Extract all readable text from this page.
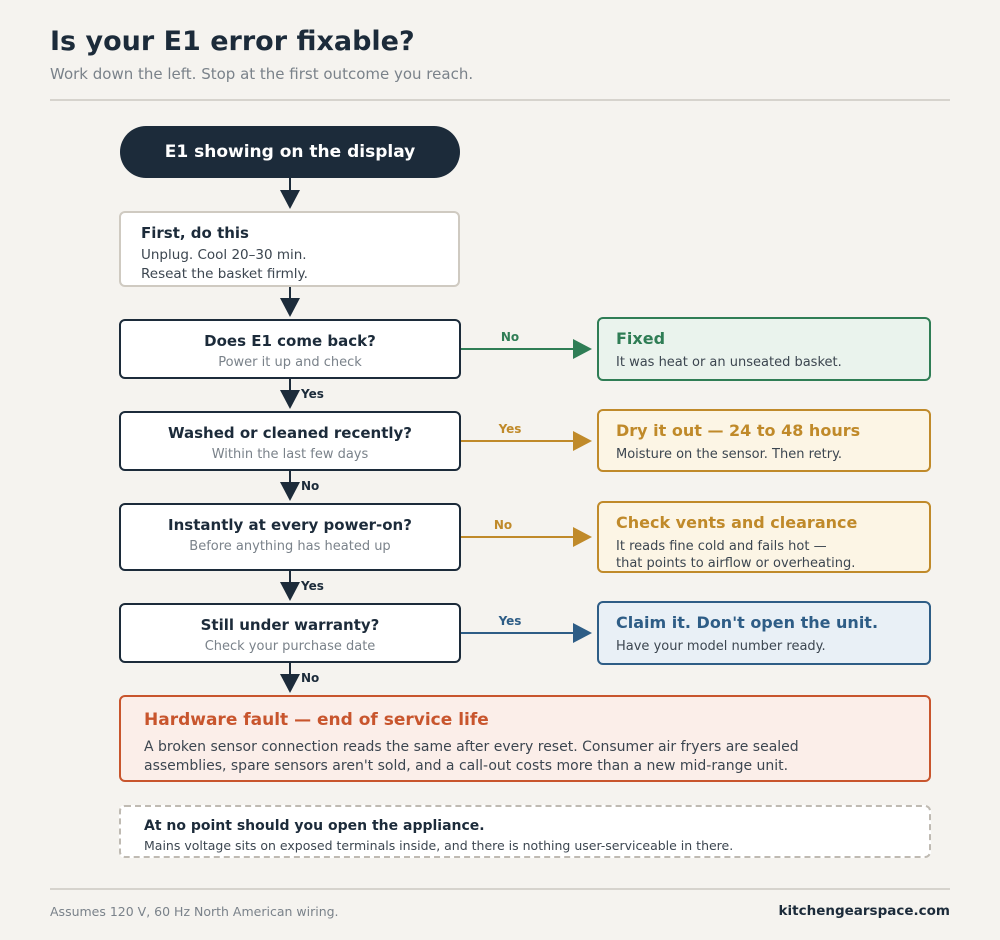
Is your E1 error fixable?
Work down the left. Stop at the first outcome you reach.
Yes
No
Yes
No
No
Yes
No
Yes
E1 showing on the display
First, do this
Unplug. Cool 20–30 min.
Reseat the basket firmly.
Does E1 come back?
Power it up and check
Washed or cleaned recently?
Within the last few days
Instantly at every power-on?
Before anything has heated up
Still under warranty?
Check your purchase date
Fixed
It was heat or an unseated basket.
Dry it out — 24 to 48 hours
Moisture on the sensor. Then retry.
Check vents and clearance
It reads fine cold and fails hot —
that points to airflow or overheating.
Claim it. Don't open the unit.
Have your model number ready.
Hardware fault — end of service life
A broken sensor connection reads the same after every reset. Consumer air fryers are sealed
assemblies, spare sensors aren't sold, and a call-out costs more than a new mid-range unit.
At no point should you open the appliance.
Mains voltage sits on exposed terminals inside, and there is nothing user-serviceable in there.
Assumes 120 V, 60 Hz North American wiring.	kitchengearspace.com
